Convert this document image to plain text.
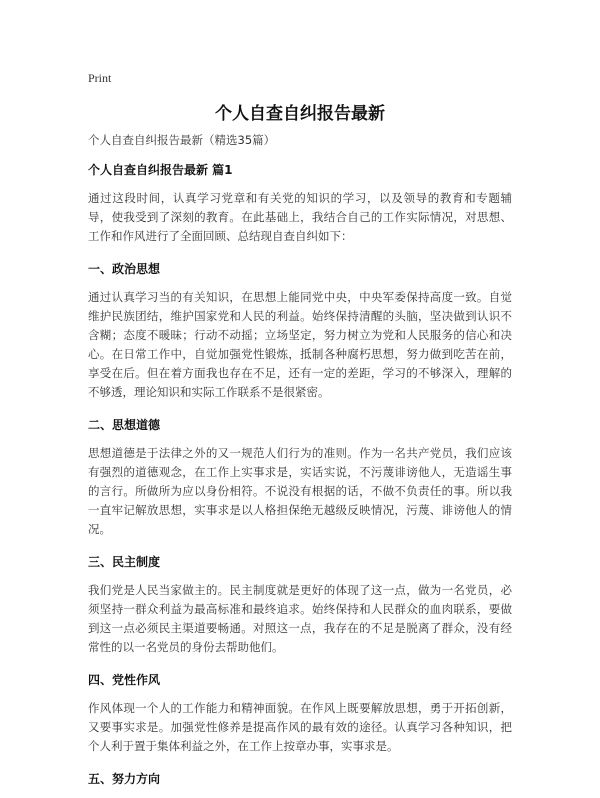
Print
个人自查自纠报告最新

个人自查自纠报告最新（精选35篇）

个人自查自纠报告最新 篇1

通过这段时间，认真学习党章和有关党的知识的学习，以及领导的教育和专题辅导，使我受到了深刻的教育。在此基础上，我结合自己的工作实际情况，对思想、工作和作风进行了全面回顾、总结现自查自纠如下：

一、政治思想

通过认真学习当的有关知识，在思想上能同党中央，中央军委保持高度一致。自觉维护民族团结，维护国家党和人民的利益。始终保持清醒的头脑，坚决做到认识不含糊；态度不暖昧；行动不动摇；立场坚定，努力树立为党和人民服务的信心和决心。在日常工作中，自觉加强党性锻炼，抵制各种腐朽思想，努力做到吃苦在前，享受在后。但在着方面我也存在不足，还有一定的差距，学习的不够深入，理解的不够透，理论知识和实际工作联系不是很紧密。

二、思想道德

思想道德是于法律之外的又一规范人们行为的准则。作为一名共产党员，我们应该有强烈的道德观念，在工作上实事求是，实话实说，不污蔑诽谤他人，无造谣生事的言行。所做所为应以身份相符。不说没有根据的话，不做不负责任的事。所以我一直牢记解放思想，实事求是以人格担保绝无越级反映情况，污蔑、诽谤他人的情况。

三、民主制度

我们党是人民当家做主的。民主制度就是更好的体现了这一点，做为一名党员，必须坚持一群众利益为最高标准和最终追求。始终保持和人民群众的血肉联系，要做到这一点必须民主渠道要畅通。对照这一点，我存在的不足是脱离了群众，没有经常性的以一名党员的身份去帮助他们。

四、党性作风

作风体现一个人的工作能力和精神面貌。在作风上既要解放思想，勇于开拓创新，又要事实求是。加强党性修养是提高作风的最有效的途径。认真学习各种知识，把个人利于置于集体利益之外，在工作上按章办事，实事求是。

五、努力方向
